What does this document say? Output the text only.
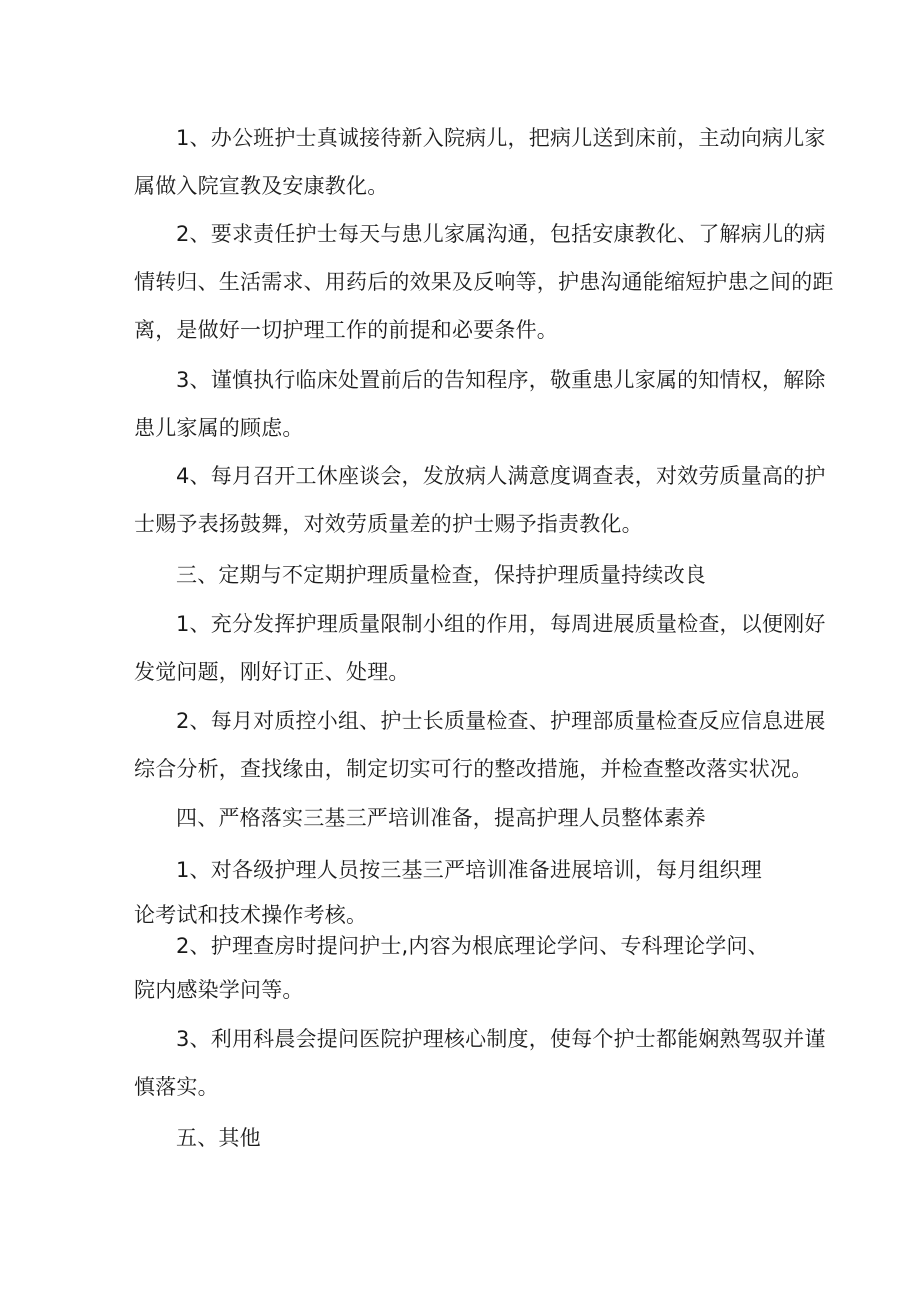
1、办公班护士真诚接待新入院病儿，把病儿送到床前，主动向病儿家
属做入院宣教及安康教化。
2、要求责任护士每天与患儿家属沟通，包括安康教化、了解病儿的病
情转归、生活需求、用药后的效果及反响等，护患沟通能缩短护患之间的距
离，是做好一切护理工作的前提和必要条件。
3、谨慎执行临床处置前后的告知程序，敬重患儿家属的知情权，解除
患儿家属的顾虑。
4、每月召开工休座谈会，发放病人满意度调查表，对效劳质量高的护
士赐予表扬鼓舞，对效劳质量差的护士赐予指责教化。
三、定期与不定期护理质量检查，保持护理质量持续改良
1、充分发挥护理质量限制小组的作用，每周进展质量检查，以便刚好
发觉问题，刚好订正、处理。
2、每月对质控小组、护士长质量检查、护理部质量检查反应信息进展
综合分析，查找缘由，制定切实可行的整改措施，并检查整改落实状况。
四、严格落实三基三严培训准备，提高护理人员整体素养
1、对各级护理人员按三基三严培训准备进展培训，每月组织理
论考试和技术操作考核。
2、护理查房时提问护士,内容为根底理论学问、专科理论学问、
院内感染学问等。
3、利用科晨会提问医院护理核心制度，使每个护士都能娴熟驾驭并谨
慎落实。
五、其他
